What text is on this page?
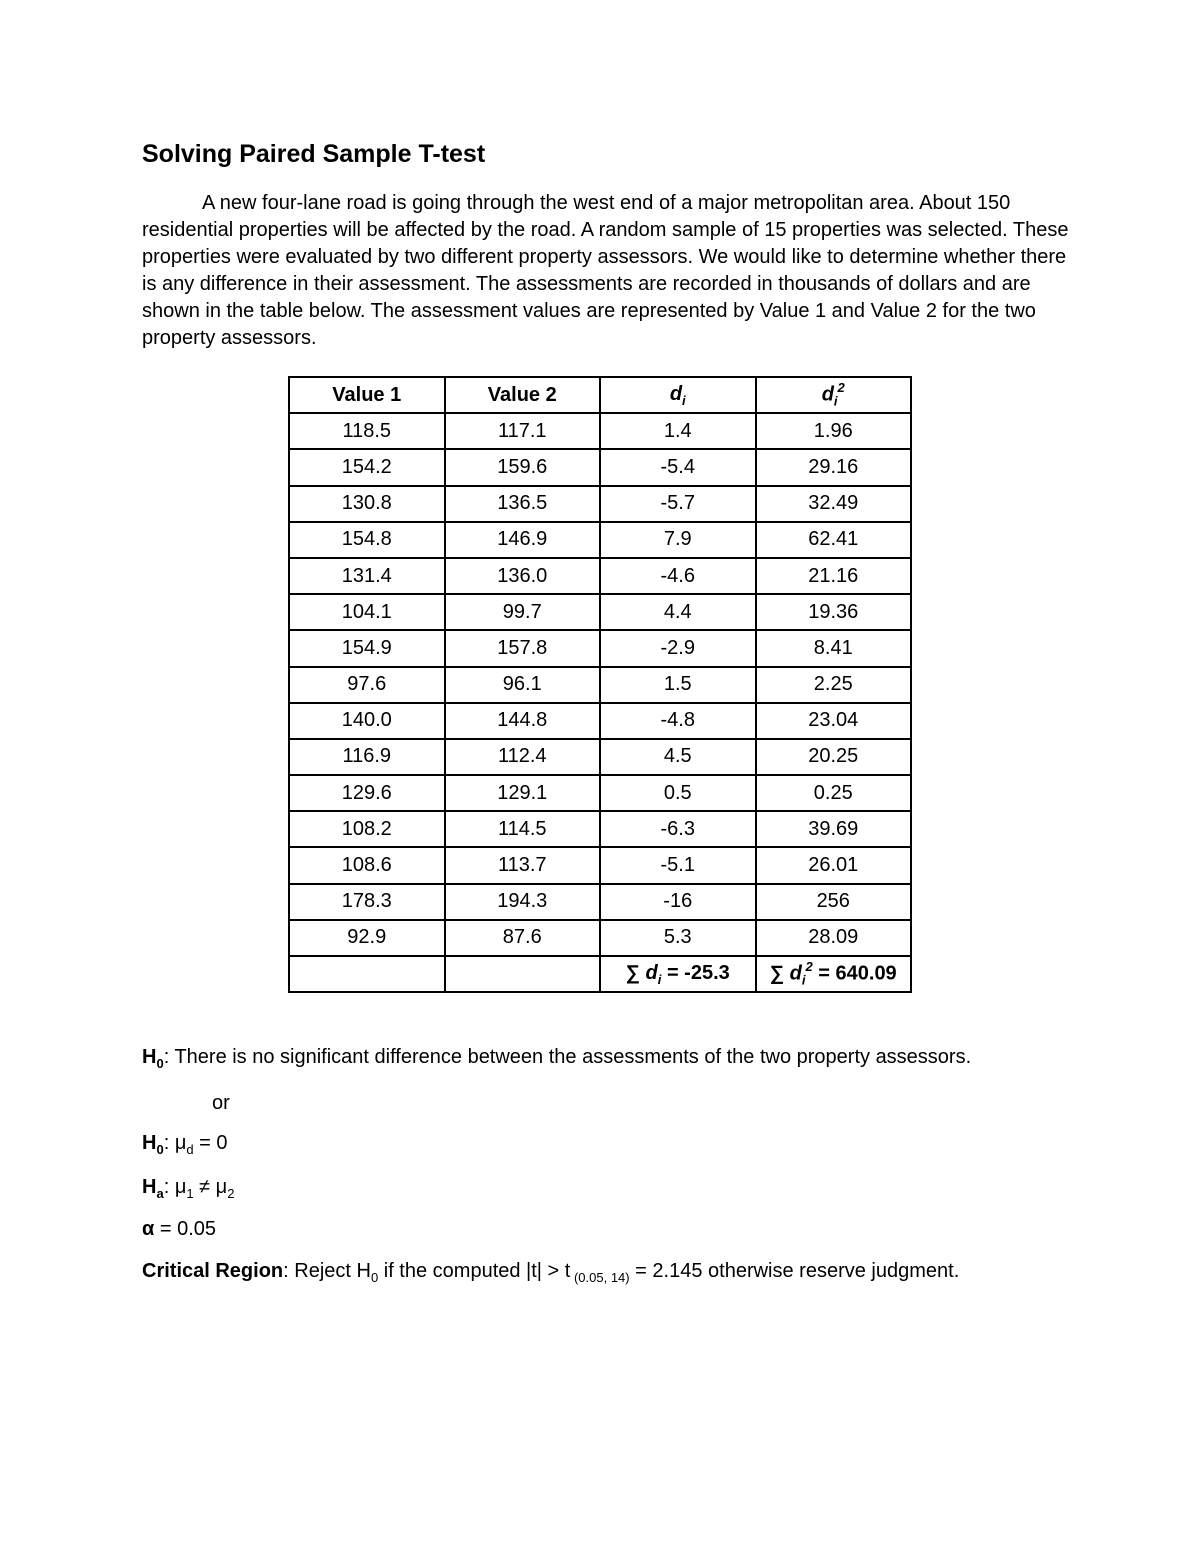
Solving Paired Sample T-test
A new four-lane road is going through the west end of a major metropolitan area. About 150 residential properties will be affected by the road. A random sample of 15 properties was selected. These properties were evaluated by two different property assessors. We would like to determine whether there is any difference in their assessment. The assessments are recorded in thousands of dollars and are shown in the table below. The assessment values are represented by Value 1 and Value 2 for the two property assessors.
Value 1	Value 2	$d_i$	$d_i^2$
118.5	117.1	1.4	1.96
154.2	159.6	-5.4	29.16
130.8	136.5	-5.7	32.49
154.8	146.9	7.9	62.41
131.4	136.0	-4.6	21.16
104.1	99.7	4.4	19.36
154.9	157.8	-2.9	8.41
97.6	96.1	1.5	2.25
140.0	144.8	-4.8	23.04
116.9	112.4	4.5	20.25
129.6	129.1	0.5	0.25
108.2	114.5	-6.3	39.69
108.6	113.7	-5.1	26.01
178.3	194.3	-16	256
92.9	87.6	5.3	28.09
		∑ $d_i = -25.3$	∑ $d_i^2 = 640.09$
$H_0$: There is no significant difference between the assessments of the two property assessors.
or
$H_0$: $\mu_d = 0$
$H_a$: $\mu_1 \ne \mu_2$
α = 0.05
Critical Region: Reject $H_0$ if the computed |t| > t $_{(0.05, 14)}$ = 2.145 otherwise reserve judgment.
